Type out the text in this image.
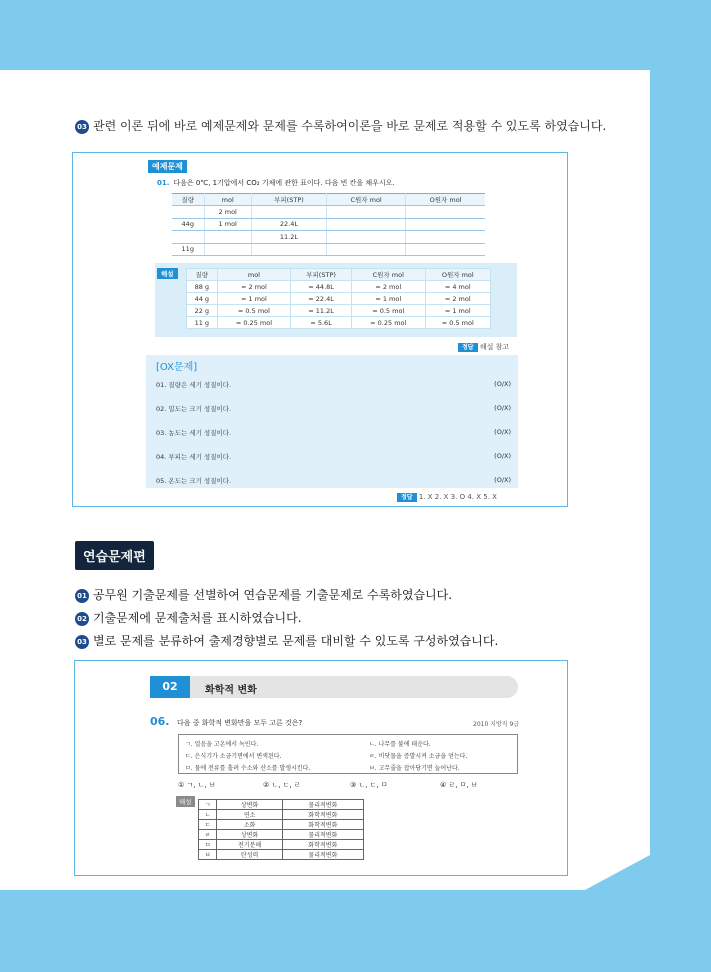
03 관련 이론 뒤에 바로 예제문제와 문제를 수록하여이론을 바로 문제로 적용할 수 있도록 하였습니다.
예제문제
01. 다음은 0℃, 1기압에서 CO₂ 기체에 관한 표이다. 다음 빈 칸을 채우시오.
질량	mol	부피(STP)	C원자 mol	O원자 mol
	2 mol			
44g	1 mol	22.4L		
		11.2L		
11g				
해설	질량	mol	부피(STP)	C원자 mol	O원자 mol
88 g	= 2 mol	= 44.8L	= 2 mol	= 4 mol
44 g	= 1 mol	= 22.4L	= 1 mol	= 2 mol
22 g	= 0.5 mol	= 11.2L	= 0.5 mol	= 1 mol
11 g	= 0.25 mol	= 5.6L	= 0.25 mol	= 0.5 mol
정답 해설 참고
[OX문제]
01. 질량은 세기 성질이다.	(O/X)
02. 밀도는 크기 성질이다.	(O/X)
03. 농도는 세기 성질이다.	(O/X)
04. 부피는 세기 성질이다.	(O/X)
05. 온도는 크기 성질이다.	(O/X)
정답 1. X 2. X 3. O 4. X 5. X
연습문제편
01 공무원 기출문제를 선별하여 연습문제를 기출문제로 수록하였습니다.
02 기출문제에 문제출처를 표시하였습니다.
03 별로 문제를 분류하여 출제경향별로 문제를 대비할 수 있도록 구성하였습니다.
02	화학적 변화
06. 다음 중 화학적 변화만을 모두 고른 것은?	2010 지방직 9급
ㄱ. 얼음을 고온에서 녹인다.	ㄴ. 나무를 불에 태운다.
ㄷ. 은식기가 소금기면에서 변색된다.	ㄹ. 비닷물을 증발시켜 소금을 얻는다.
ㅁ. 물에 전류를 흘려 수소와 산소를 발생시킨다.	ㅂ. 고무줄을 잡아당기면 늘어난다.
① ㄱ, ㄴ, ㅂ	② ㄴ, ㄷ, ㄹ	③ ㄴ, ㄷ, ㅁ	④ ㄹ, ㅁ, ㅂ
해설	ㄱ	상변화	물리적변화
ㄴ	연소	화학적변화
ㄷ	소화	화학적변화
ㄹ	상변화	물리적변화
ㅁ	전기분해	화학적변화
ㅂ	탄성력	물리적변화
